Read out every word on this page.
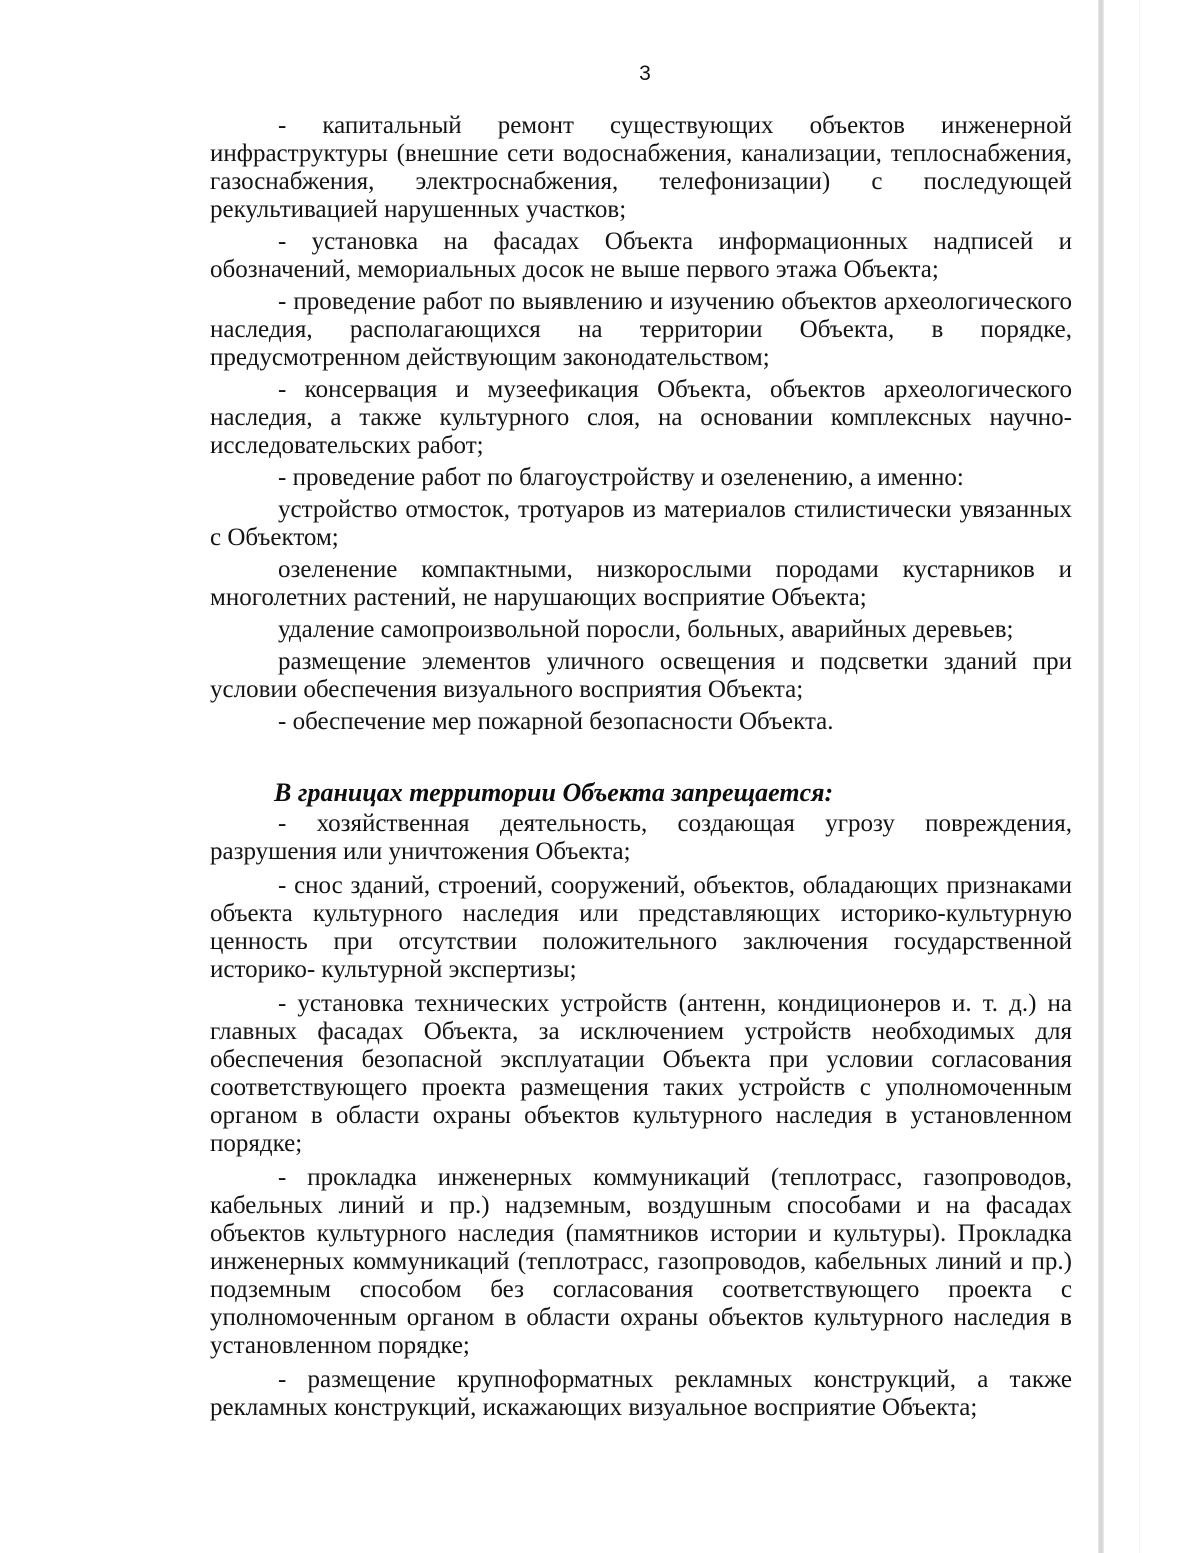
3

- капитальный ремонт существующих объектов инженерной инфраструктуры (внешние сети водоснабжения, канализации, теплоснабжения, газоснабжения, электроснабжения, телефонизации) с последующей рекультивацией нарушенных участков;

- установка на фасадах Объекта информационных надписей и обозначений, мемориальных досок не выше первого этажа Объекта;

- проведение работ по выявлению и изучению объектов археологического наследия, располагающихся на территории Объекта, в порядке, предусмотренном действующим законодательством;

- консервация и музеефикация Объекта, объектов археологического наследия, а также культурного слоя, на основании комплексных научно-исследовательских работ;

- проведение работ по благоустройству и озеленению, а именно:

устройство отмосток, тротуаров из материалов стилистически увязанных с Объектом;

озеленение компактными, низкорослыми породами кустарников и многолетних растений, не нарушающих восприятие Объекта;

удаление самопроизвольной поросли, больных, аварийных деревьев;

размещение элементов уличного освещения и подсветки зданий при условии обеспечения визуального восприятия Объекта;

- обеспечение мер пожарной безопасности Объекта.

В границах территории Объекта запрещается:

- хозяйственная деятельность, создающая угрозу повреждения, разрушения или уничтожения Объекта;

- снос зданий, строений, сооружений, объектов, обладающих признаками объекта культурного наследия или представляющих историко-культурную ценность при отсутствии положительного заключения государственной историко- культурной экспертизы;

- установка технических устройств (антенн, кондиционеров и. т. д.) на главных фасадах Объекта, за исключением устройств необходимых для обеспечения безопасной эксплуатации Объекта при условии согласования соответствующего проекта размещения таких устройств с уполномоченным органом в области охраны объектов культурного наследия в установленном порядке;

- прокладка инженерных коммуникаций (теплотрасс, газопроводов, кабельных линий и пр.) надземным, воздушным способами и на фасадах объектов культурного наследия (памятников истории и культуры). Прокладка инженерных коммуникаций (теплотрасс, газопроводов, кабельных линий и пр.) подземным способом без согласования соответствующего проекта с уполномоченным органом в области охраны объектов культурного наследия в установленном порядке;

- размещение крупноформатных рекламных конструкций, а также рекламных конструкций, искажающих визуальное восприятие Объекта;
